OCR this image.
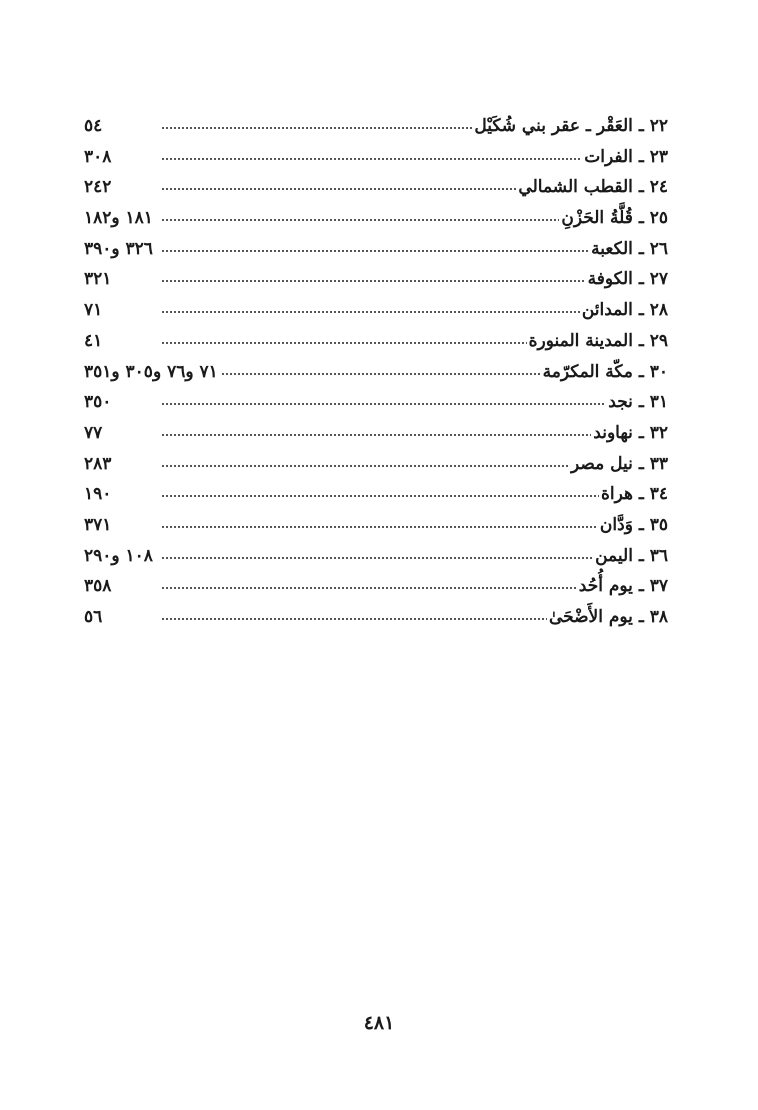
٢٢ ـ العَقْر ـ عقر بني شُكَيْل
٥٤
٢٣ ـ الفرات
٣٠٨
٢٤ ـ القطب الشمالي
٢٤٢
٢٥ ـ قُلَّةُ الحَزْنِ
١٨١ و١٨٢
٢٦ ـ الكعبة
٣٢٦ و٣٩٠
٢٧ ـ الكوفة
٣٢١
٢٨ ـ المدائن
٧١
٢٩ ـ المدينة المنورة
٤١
٣٠ ـ مكّة المكرّمة
٧١ و٧٦ و٣٠٥ و٣٥١
٣١ ـ نجد
٣٥٠
٣٢ ـ نهاوند
٧٧
٣٣ ـ نيل مصر
٢٨٣
٣٤ ـ هراة
١٩٠
٣٥ ـ وَدَّان
٣٧١
٣٦ ـ اليمن
١٠٨ و٢٩٠
٣٧ ـ يوم أُحُد
٣٥٨
٣٨ ـ يوم الأَضْحَىٰ
٥٦
٤٨١
